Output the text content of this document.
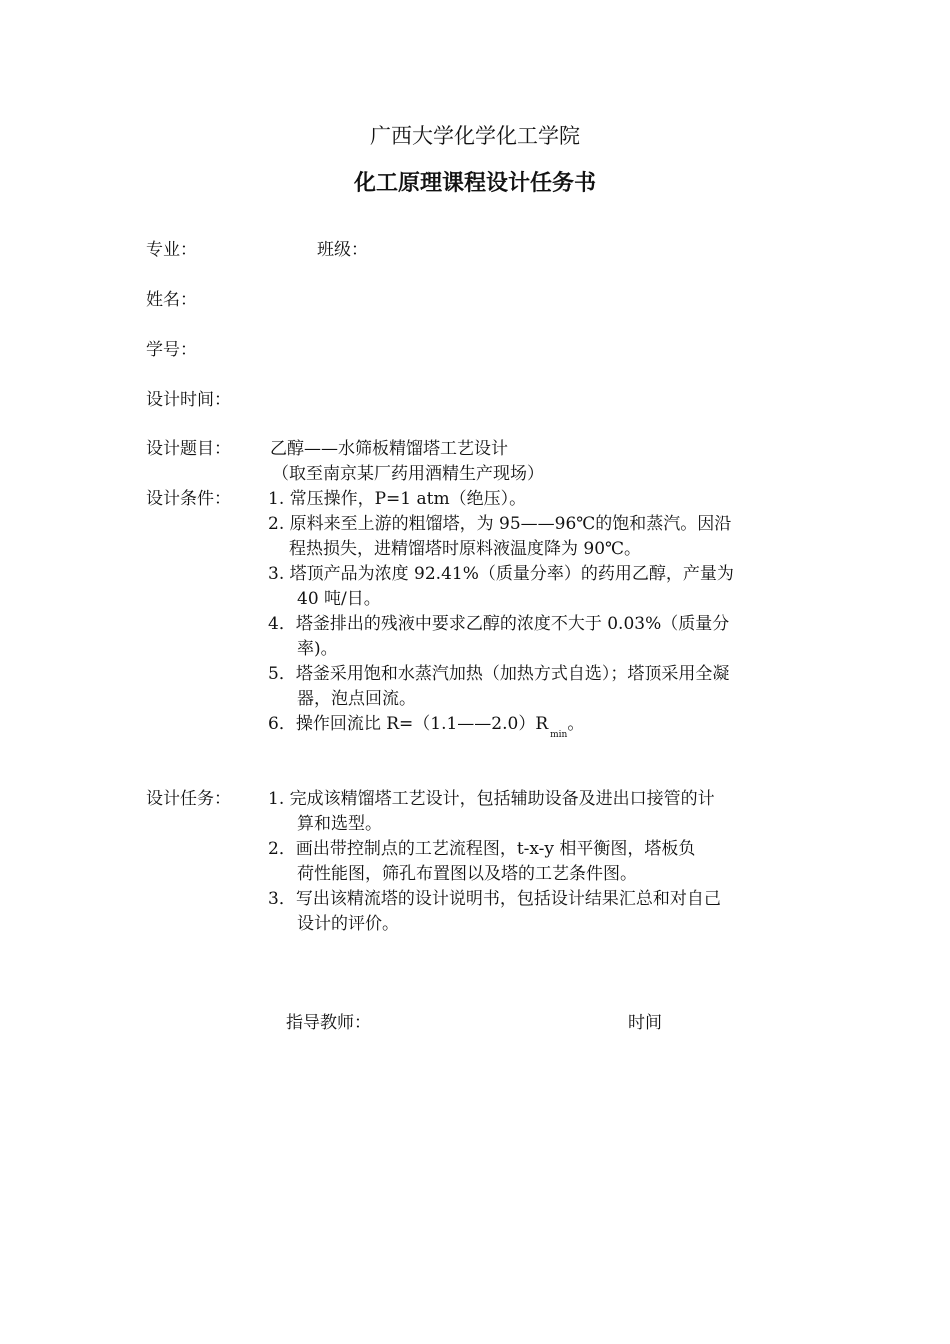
广西大学化学化工学院
化工原理课程设计任务书
专业：	班级：
姓名：
学号：
设计时间：
设计题目： 乙醇——水筛板精馏塔工艺设计
（取至南京某厂药用酒精生产现场）
设计条件： 1. 常压操作，P=1 atm（绝压）。
2. 原料来至上游的粗馏塔，为 95——96℃的饱和蒸汽。因沿
程热损失，进精馏塔时原料液温度降为 90℃。
3. 塔顶产品为浓度 92.41%（质量分率）的药用乙醇，产量为
40 吨/日。
4．塔釜排出的残液中要求乙醇的浓度不大于 0.03%（质量分
率)。
5．塔釜采用饱和水蒸汽加热（加热方式自选）；塔顶采用全凝
器，泡点回流。
6．操作回流比 $R=(1.1——2.0)R_{min}$。
设计任务： 1. 完成该精馏塔工艺设计，包括辅助设备及进出口接管的计
算和选型。
2．画出带控制点的工艺流程图，t-x-y 相平衡图，塔板负
荷性能图，筛孔布置图以及塔的工艺条件图。
3．写出该精流塔的设计说明书，包括设计结果汇总和对自己
设计的评价。
指导教师：	时间
